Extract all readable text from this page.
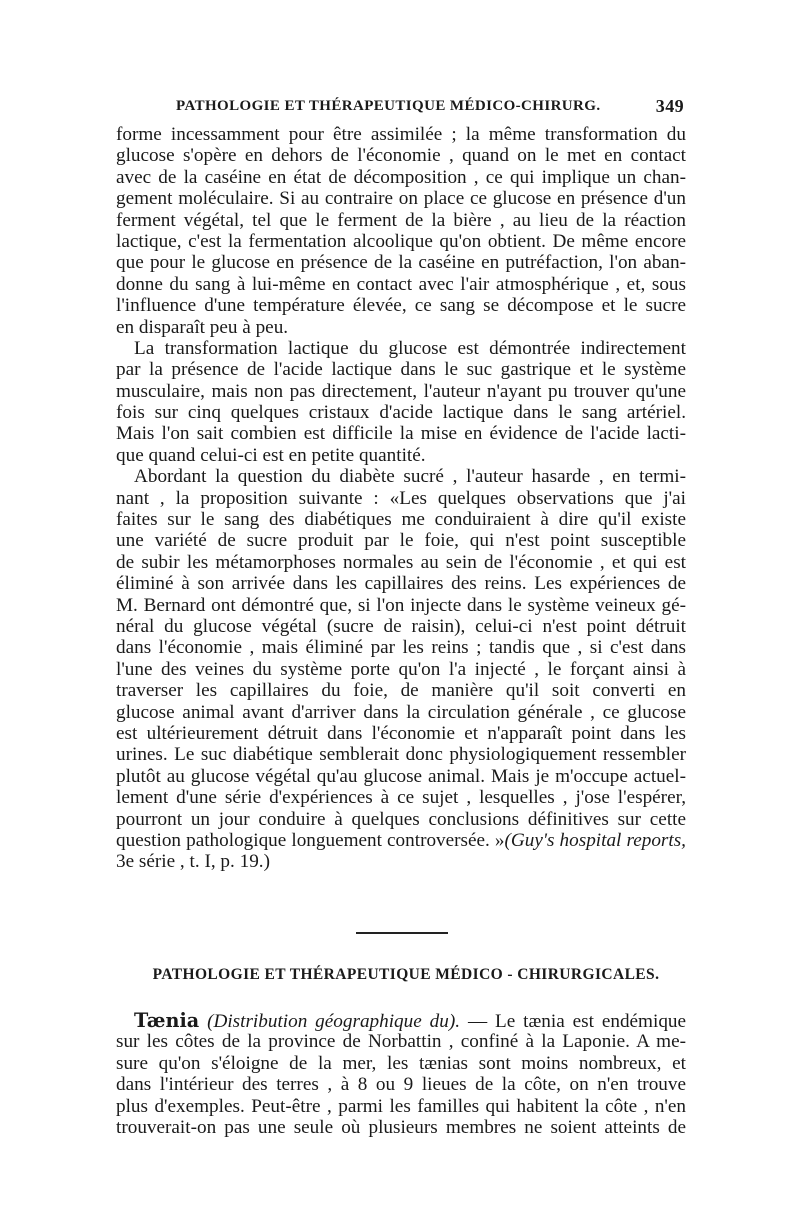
PATHOLOGIE ET THÉRAPEUTIQUE MÉDICO-CHIRURG.	349
forme incessamment pour être assimilée ; la même transformation du
glucose s'opère en dehors de l'économie , quand on le met en contact
avec de la caséine en état de décomposition , ce qui implique un chan-
gement moléculaire. Si au contraire on place ce glucose en présence d'un
ferment végétal, tel que le ferment de la bière , au lieu de la réaction
lactique, c'est la fermentation alcoolique qu'on obtient. De même encore
que pour le glucose en présence de la caséine en putréfaction, l'on aban-
donne du sang à lui-même en contact avec l'air atmosphérique , et, sous
l'influence d'une température élevée, ce sang se décompose et le sucre
en disparaît peu à peu.
La transformation lactique du glucose est démontrée indirectement
par la présence de l'acide lactique dans le suc gastrique et le système
musculaire, mais non pas directement, l'auteur n'ayant pu trouver qu'une
fois sur cinq quelques cristaux d'acide lactique dans le sang artériel.
Mais l'on sait combien est difficile la mise en évidence de l'acide lacti-
que quand celui-ci est en petite quantité.
Abordant la question du diabète sucré , l'auteur hasarde , en termi-
nant , la proposition suivante : «Les quelques observations que j'ai
faites sur le sang des diabétiques me conduiraient à dire qu'il existe
une variété de sucre produit par le foie, qui n'est point susceptible
de subir les métamorphoses normales au sein de l'économie , et qui est
éliminé à son arrivée dans les capillaires des reins. Les expériences de
M. Bernard ont démontré que, si l'on injecte dans le système veineux gé-
néral du glucose végétal (sucre de raisin), celui-ci n'est point détruit
dans l'économie , mais éliminé par les reins ; tandis que , si c'est dans
l'une des veines du système porte qu'on l'a injecté , le forçant ainsi à
traverser les capillaires du foie, de manière qu'il soit converti en
glucose animal avant d'arriver dans la circulation générale , ce glucose
est ultérieurement détruit dans l'économie et n'apparaît point dans les
urines. Le suc diabétique semblerait donc physiologiquement ressembler
plutôt au glucose végétal qu'au glucose animal. Mais je m'occupe actuel-
lement d'une série d'expériences à ce sujet , lesquelles , j'ose l'espérer,
pourront un jour conduire à quelques conclusions définitives sur cette
question pathologique longuement controversée. »(Guy's hospital reports,
3e série , t. I, p. 19.)
PATHOLOGIE ET THÉRAPEUTIQUE MÉDICO - CHIRURGICALES.
Tænia (Distribution géographique du). — Le tænia est endémique
sur les côtes de la province de Norbattin , confiné à la Laponie. A me-
sure qu'on s'éloigne de la mer, les tænias sont moins nombreux, et
dans l'intérieur des terres , à 8 ou 9 lieues de la côte, on n'en trouve
plus d'exemples. Peut-être , parmi les familles qui habitent la côte , n'en
trouverait-on pas une seule où plusieurs membres ne soient atteints de
